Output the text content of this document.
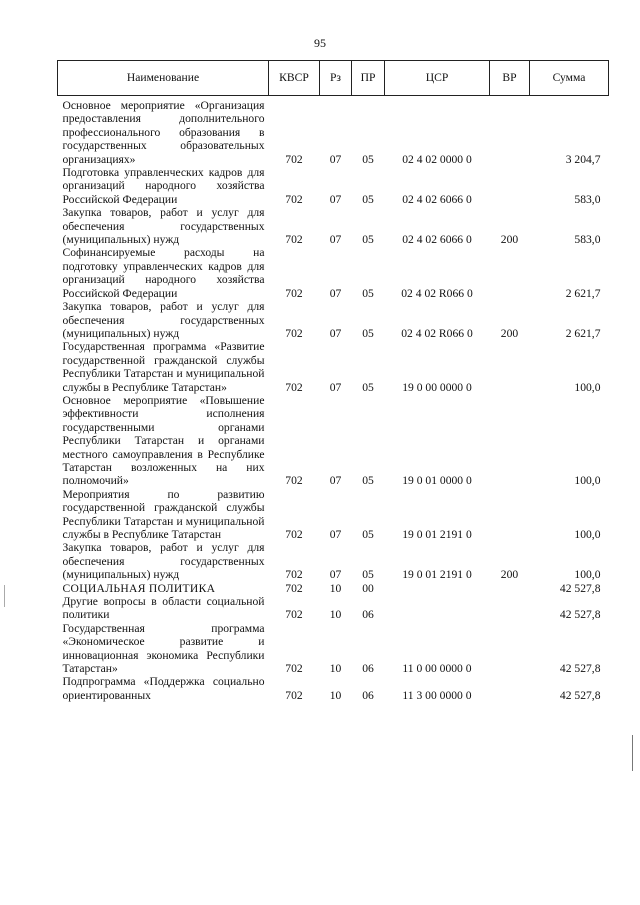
95
Наименование	КВСР	Рз	ПР	ЦСР	ВР	Сумма
Основное мероприятие «Организация предоставления дополнительного профессионального образования в государственных образовательных организациях»	702	07	05	02 4 02 0000 0		3 204,7
Подготовка управленческих кадров для организаций народного хозяйства Российской Федерации	702	07	05	02 4 02 6066 0		583,0
Закупка товаров, работ и услуг для обеспечения государственных (муниципальных) нужд	702	07	05	02 4 02 6066 0	200	583,0
Софинансируемые расходы на подготовку управленческих кадров для организаций народного хозяйства Российской Федерации	702	07	05	02 4 02 R066 0		2 621,7
Закупка товаров, работ и услуг для обеспечения государственных (муниципальных) нужд	702	07	05	02 4 02 R066 0	200	2 621,7
Государственная программа «Развитие государственной гражданской службы Республики Татарстан и муниципальной службы в Республике Татарстан»	702	07	05	19 0 00 0000 0		100,0
Основное мероприятие «Повышение эффективности исполнения государственными органами Республики Татарстан и органами местного самоуправления в Республике Татарстан возложенных на них полномочий»	702	07	05	19 0 01 0000 0		100,0
Мероприятия по развитию государственной гражданской службы Республики Татарстан и муниципальной службы в Республике Татарстан	702	07	05	19 0 01 2191 0		100,0
Закупка товаров, работ и услуг для обеспечения государственных (муниципальных) нужд	702	07	05	19 0 01 2191 0	200	100,0
СОЦИАЛЬНАЯ ПОЛИТИКА	702	10	00			42 527,8
Другие вопросы в области социальной политики	702	10	06			42 527,8
Государственная программа «Экономическое развитие и инновационная экономика Республики Татарстан»	702	10	06	11 0 00 0000 0		42 527,8
Подпрограмма «Поддержка социально ориентированных	702	10	06	11 3 00 0000 0		42 527,8
